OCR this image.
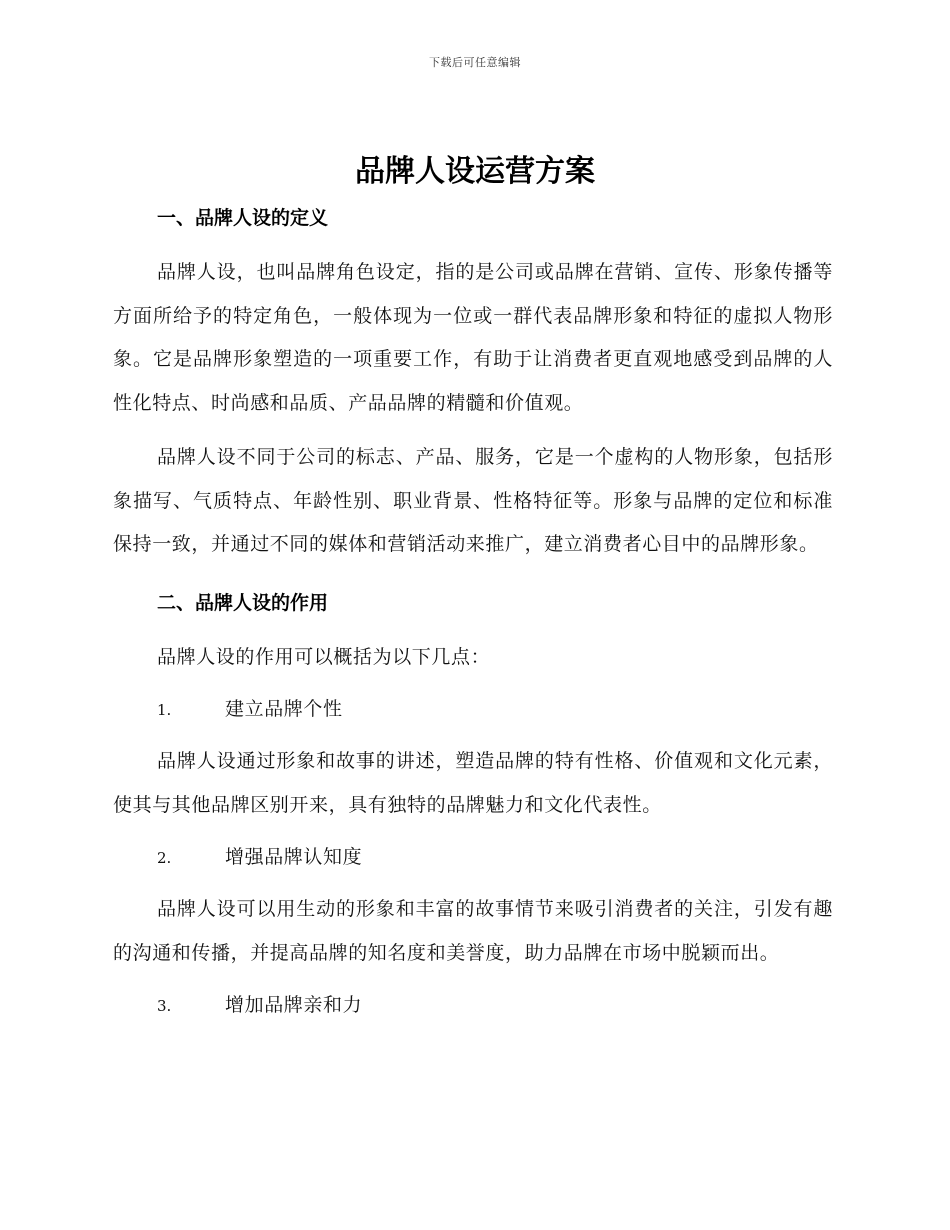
下载后可任意编辑
品牌人设运营方案
一、品牌人设的定义

品牌人设，也叫品牌角色设定，指的是公司或品牌在营销、宣传、形象传播等方面所给予的特定角色，一般体现为一位或一群代表品牌形象和特征的虚拟人物形象。它是品牌形象塑造的一项重要工作，有助于让消费者更直观地感受到品牌的人性化特点、时尚感和品质、产品品牌的精髓和价值观。

品牌人设不同于公司的标志、产品、服务，它是一个虚构的人物形象，包括形象描写、气质特点、年龄性别、职业背景、性格特征等。形象与品牌的定位和标准保持一致，并通过不同的媒体和营销活动来推广，建立消费者心目中的品牌形象。

二、品牌人设的作用

品牌人设的作用可以概括为以下几点：

1.	建立品牌个性

品牌人设通过形象和故事的讲述，塑造品牌的特有性格、价值观和文化元素，使其与其他品牌区别开来，具有独特的品牌魅力和文化代表性。

2.	增强品牌认知度

品牌人设可以用生动的形象和丰富的故事情节来吸引消费者的关注，引发有趣的沟通和传播，并提高品牌的知名度和美誉度，助力品牌在市场中脱颖而出。

3.	增加品牌亲和力
